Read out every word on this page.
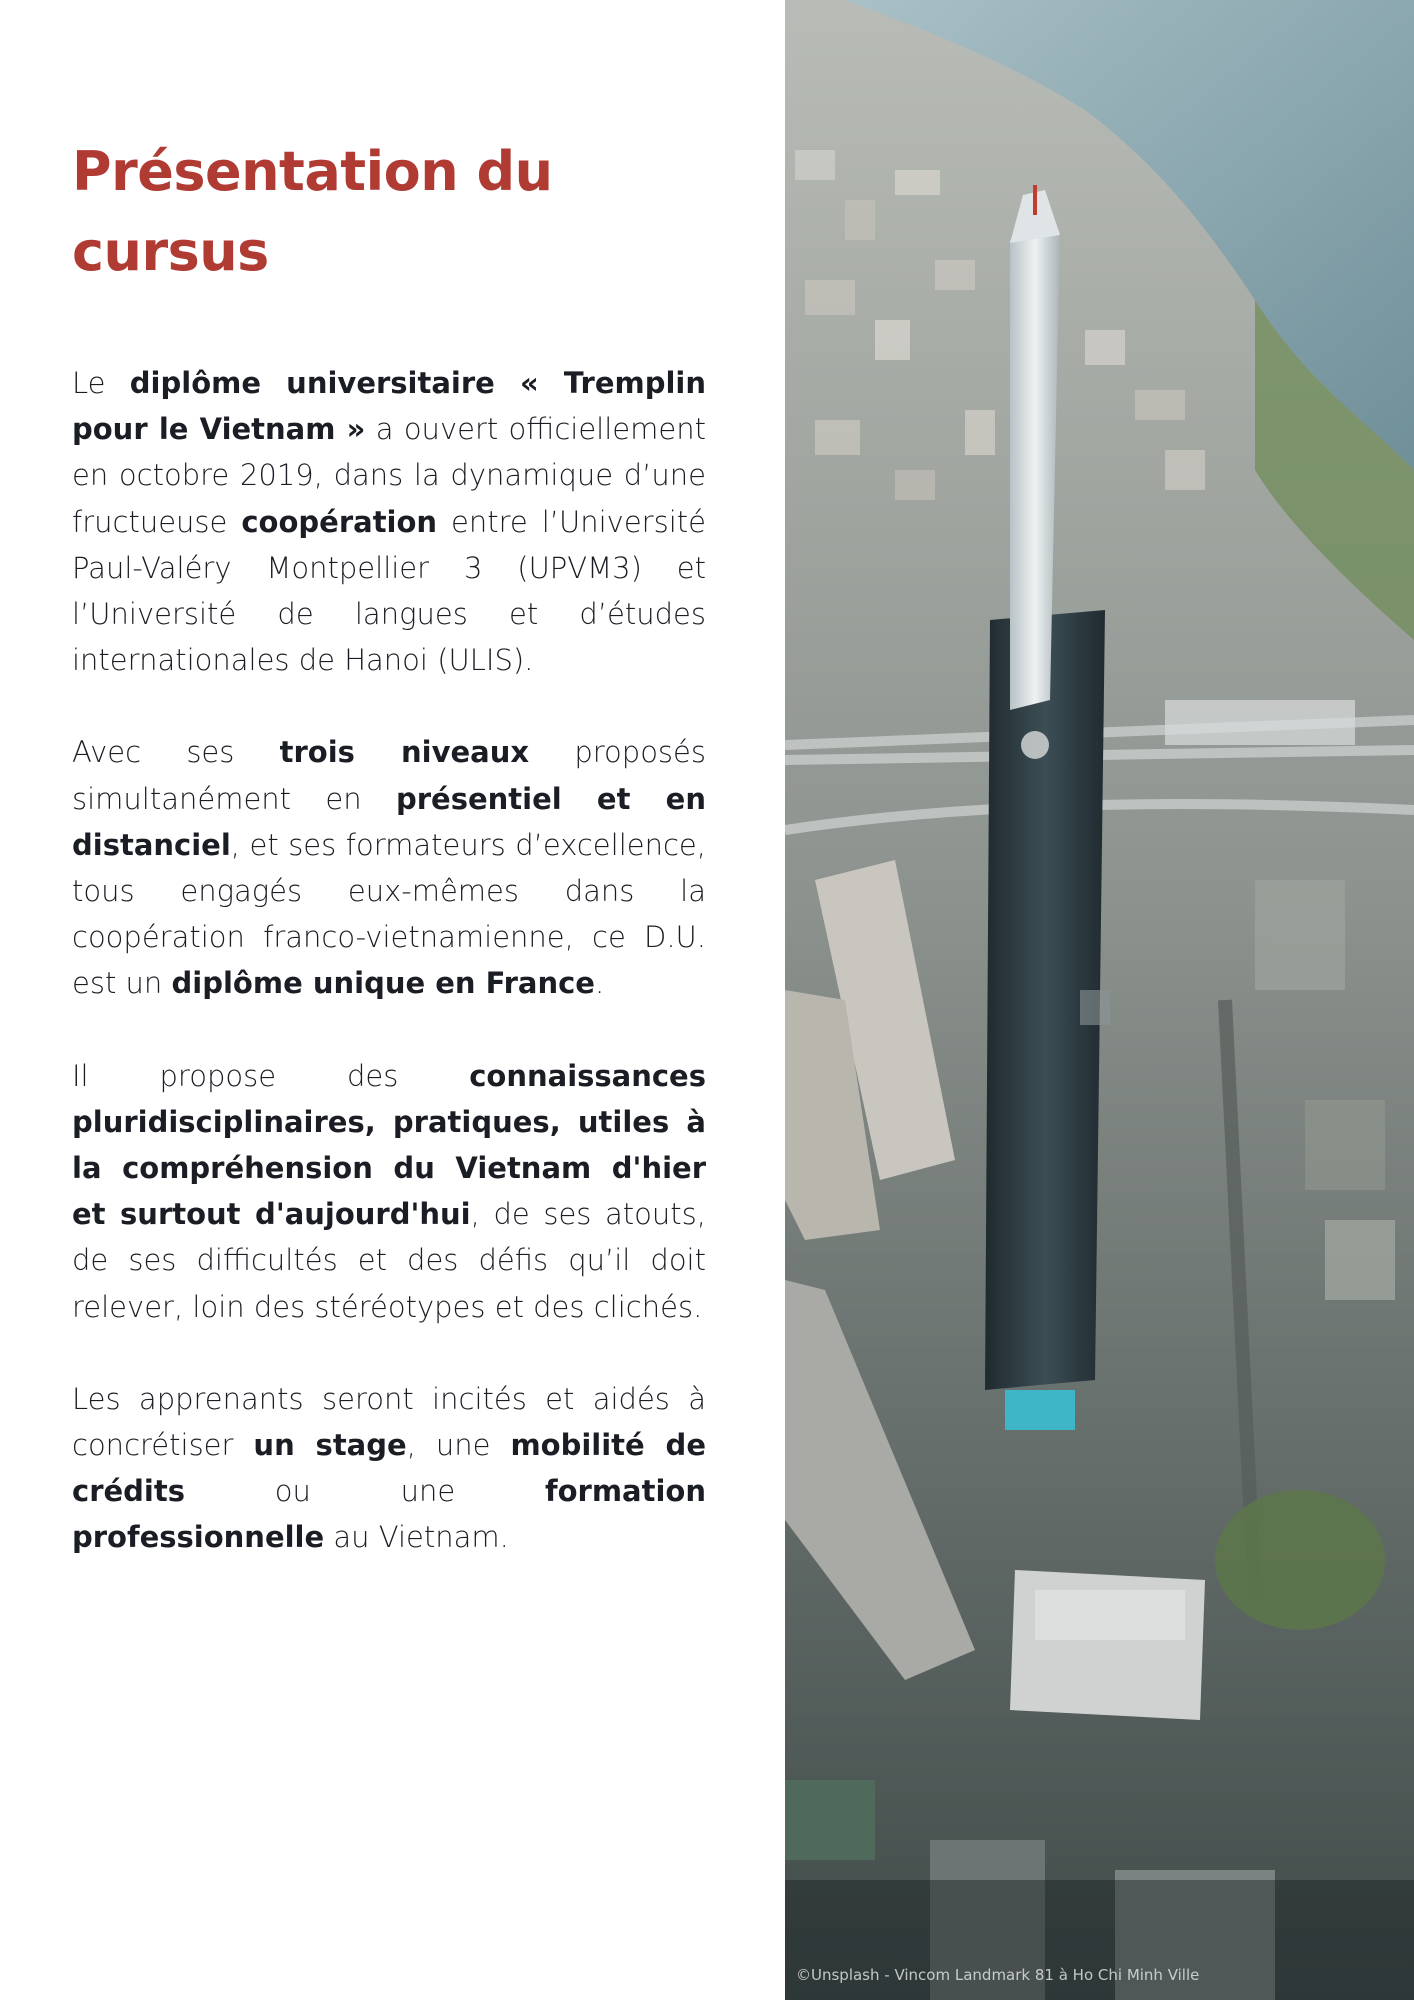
Présentation du cursus

Le diplôme universitaire « Tremplin pour le Vietnam » a ouvert officiellement en octobre 2019, dans la dynamique d’une fructueuse coopération entre l’Université Paul-Valéry Montpellier 3 (UPVM3) et l’Université de langues et d’études internationales de Hanoi (ULIS).

Avec ses trois niveaux proposés simultanément en présentiel et en distanciel, et ses formateurs d’excellence, tous engagés eux-mêmes dans la coopération franco-vietnamienne, ce D.U. est un diplôme unique en France.

Il propose des connaissances pluridisciplinaires, pratiques, utiles à la compréhension du Vietnam d'hier et surtout d'aujourd'hui, de ses atouts, de ses difficultés et des défis qu’il doit relever, loin des stéréotypes et des clichés.

Les apprenants seront incités et aidés à concrétiser un stage, une mobilité de crédits ou une formation professionnelle au Vietnam.

©Unsplash - Vincom Landmark 81 à Ho Chi Minh Ville
